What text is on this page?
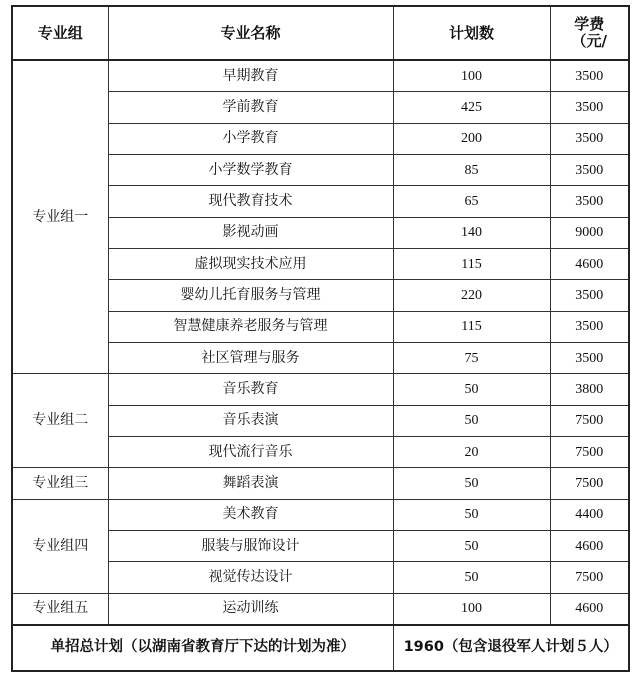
专业组	专业名称	计划数	学费
（元/

专业组一	早期教育	100	3500
	学前教育	425	3500
	小学教育	200	3500
	小学数学教育	85	3500
	现代教育技术	65	3500
	影视动画	140	9000
	虚拟现实技术应用	115	4600
	婴幼儿托育服务与管理	220	3500
	智慧健康养老服务与管理	115	3500
	社区管理与服务	75	3500
专业组二	音乐教育	50	3800
	音乐表演	50	7500
	现代流行音乐	20	7500
专业组三	舞蹈表演	50	7500
专业组四	美术教育	50	4400
	服装与服饰设计	50	4600
	视觉传达设计	50	7500
专业组五	运动训练	100	4600
单招总计划（以湖南省教育厅下达的计划为准）		1960（包含退役军人计划５人）	
